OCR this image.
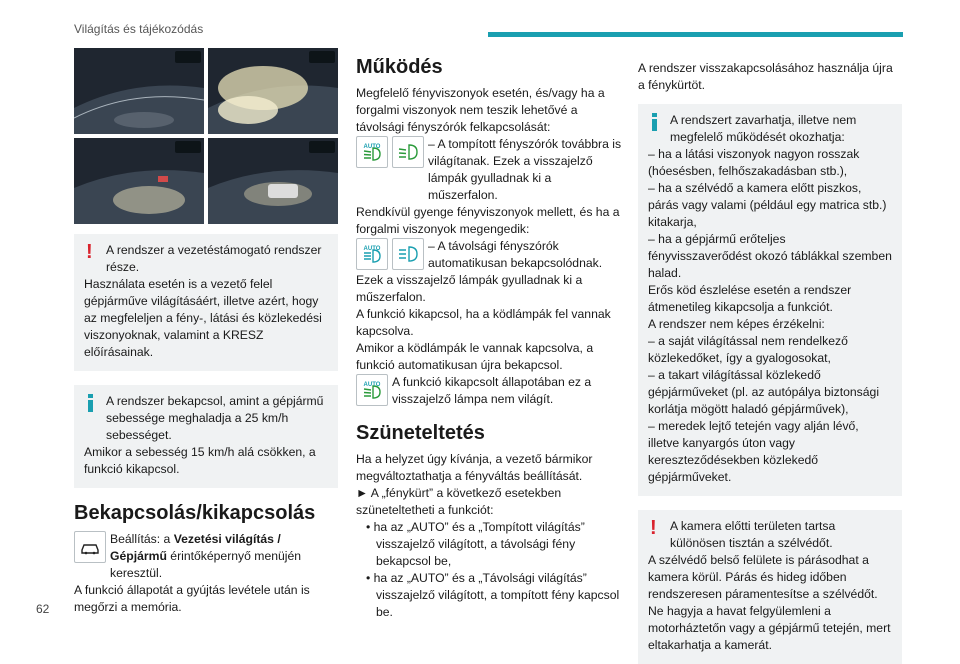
Világítás és tájékozódás
! A rendszer a vezetéstámogató rendszer része.
Használata esetén is a vezető felel gépjárműve világításáért, illetve azért, hogy az megfeleljen a fény-, látási és közlekedési viszonyoknak, valamint a KRESZ előírásainak.
A rendszer bekapcsol, amint a gépjármű sebessége meghaladja a 25 km/h sebességet.
Amikor a sebesség 15 km/h alá csökken, a funkció kikapcsol.
Bekapcsolás/kikapcsolás
Beállítás: a Vezetési világítás / Gépjármű érintőképernyő menüjén keresztül.
A funkció állapotát a gyújtás levétele után is megőrzi a memória.
Működés
Megfelelő fényviszonyok esetén, és/vagy ha a forgalmi viszonyok nem teszik lehetővé a távolsági fényszórók felkapcsolását:
AUTO	– A tompított fényszórók továbbra is világítanak. Ezek a visszajelző lámpák gyulladnak ki a műszerfalon.
Rendkívül gyenge fényviszonyok mellett, és ha a forgalmi viszonyok megengedik:
AUTO	– A távolsági fényszórók automatikusan bekapcsolódnak.
Ezek a visszajelző lámpák gyulladnak ki a műszerfalon.
A funkció kikapcsol, ha a ködlámpák fel vannak kapcsolva.
Amikor a ködlámpák le vannak kapcsolva, a funkció automatikusan újra bekapcsol.
AUTO A funkció kikapcsolt állapotában ez a visszajelző lámpa nem világít.
Szüneteltetés
Ha a helyzet úgy kívánja, a vezető bármikor megváltoztathatja a fényváltás beállítását.
► A „fénykürt” a következő esetekben szüneteltetheti a funkciót:
• ha az „AUTO” és a „Tompított világítás” visszajelző világított, a távolsági fény bekapcsol be,
• ha az „AUTO” és a „Távolsági világítás” visszajelző világított, a tompított fény kapcsol be.
A rendszer visszakapcsolásához használja újra a fénykürtöt.
A rendszert zavarhatja, illetve nem megfelelő működését okozhatja:
– ha a látási viszonyok nagyon rosszak (hóesésben, felhőszakadásban stb.),
– ha a szélvédő a kamera előtt piszkos, párás vagy valami (például egy matrica stb.) kitakarja,
– ha a gépjármű erőteljes fényvisszaverődést okozó táblákkal szemben halad.
Erős köd észlelése esetén a rendszer átmenetileg kikapcsolja a funkciót.
A rendszer nem képes érzékelni:
– a saját világítással nem rendelkező közlekedőket, így a gyalogosokat,
– a takart világítással közlekedő gépjárműveket (pl. az autópálya biztonsági korlátja mögött haladó gépjárművek),
– meredek lejtő tetején vagy alján lévő, illetve kanyargós úton vagy kereszteződésekben közlekedő gépjárműveket.
! A kamera előtti területen tartsa különösen tisztán a szélvédőt.
A szélvédő belső felülete is párásodhat a kamera körül. Párás és hideg időben rendszeresen páramentesítse a szélvédőt. Ne hagyja a havat felgyülemleni a motorháztetőn vagy a gépjármű tetején, mert eltakarhatja a kamerát.
62
